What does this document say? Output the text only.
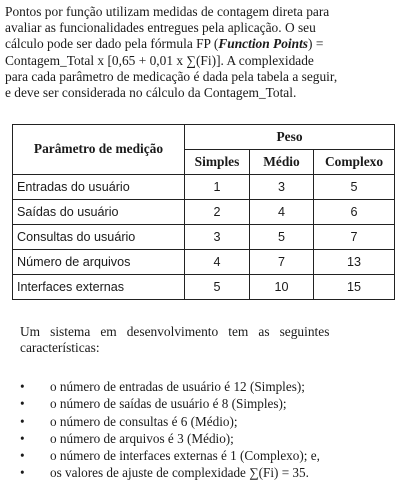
Pontos por função utilizam medidas de contagem direta para
avaliar as funcionalidades entregues pela aplicação. O seu
cálculo pode ser dado pela fórmula FP (Function Points) =
Contagem_Total x [0,65 + 0,01 x ∑(Fi)]. A complexidade
para cada parâmetro de medicação é dada pela tabela a seguir,
e deve ser considerada no cálculo da Contagem_Total.
Parâmetro de medição	Peso		
	Simples	Médio	Complexo
Entradas do usuário	1	3	5
Saídas do usuário	2	4	6
Consultas do usuário	3	5	7
Número de arquivos	4	7	13
Interfaces externas	5	10	15
Um   sistema   em   desenvolvimento   tem   as   seguintes
características:
• o número de entradas de usuário é 12 (Simples);
• o número de saídas de usuário é 8 (Simples);
• o número de consultas é 6 (Médio);
• o número de arquivos é 3 (Médio);
• o número de interfaces externas é 1 (Complexo); e,
• os valores de ajuste de complexidade ∑(Fi) = 35.
